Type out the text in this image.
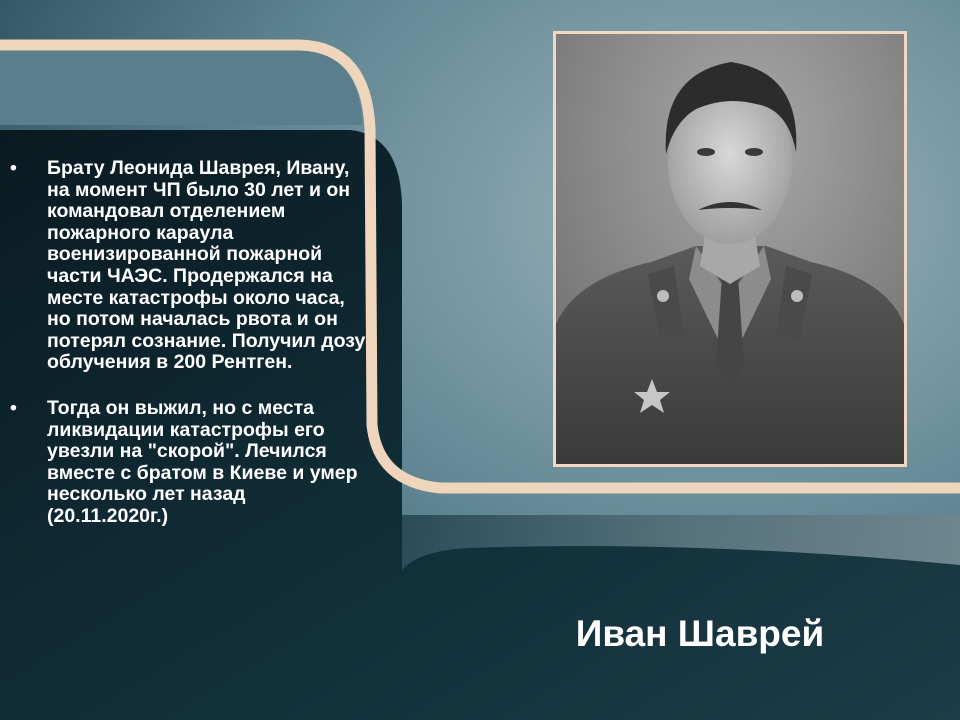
• Брату Леонида Шаврея, Ивану, на момент ЧП было 30 лет и он командовал отделением пожарного караула военизированной пожарной части ЧАЭС. Продержался на месте катастрофы около часа, но потом началась рвота и он потерял сознание. Получил дозу облучения в 200 Рентген.
• Тогда он выжил, но с места ликвидации катастрофы его увезли на "скорой". Лечился вместе с братом в Киеве и умер несколько лет назад (20.11.2020г.)
Иван Шаврей
